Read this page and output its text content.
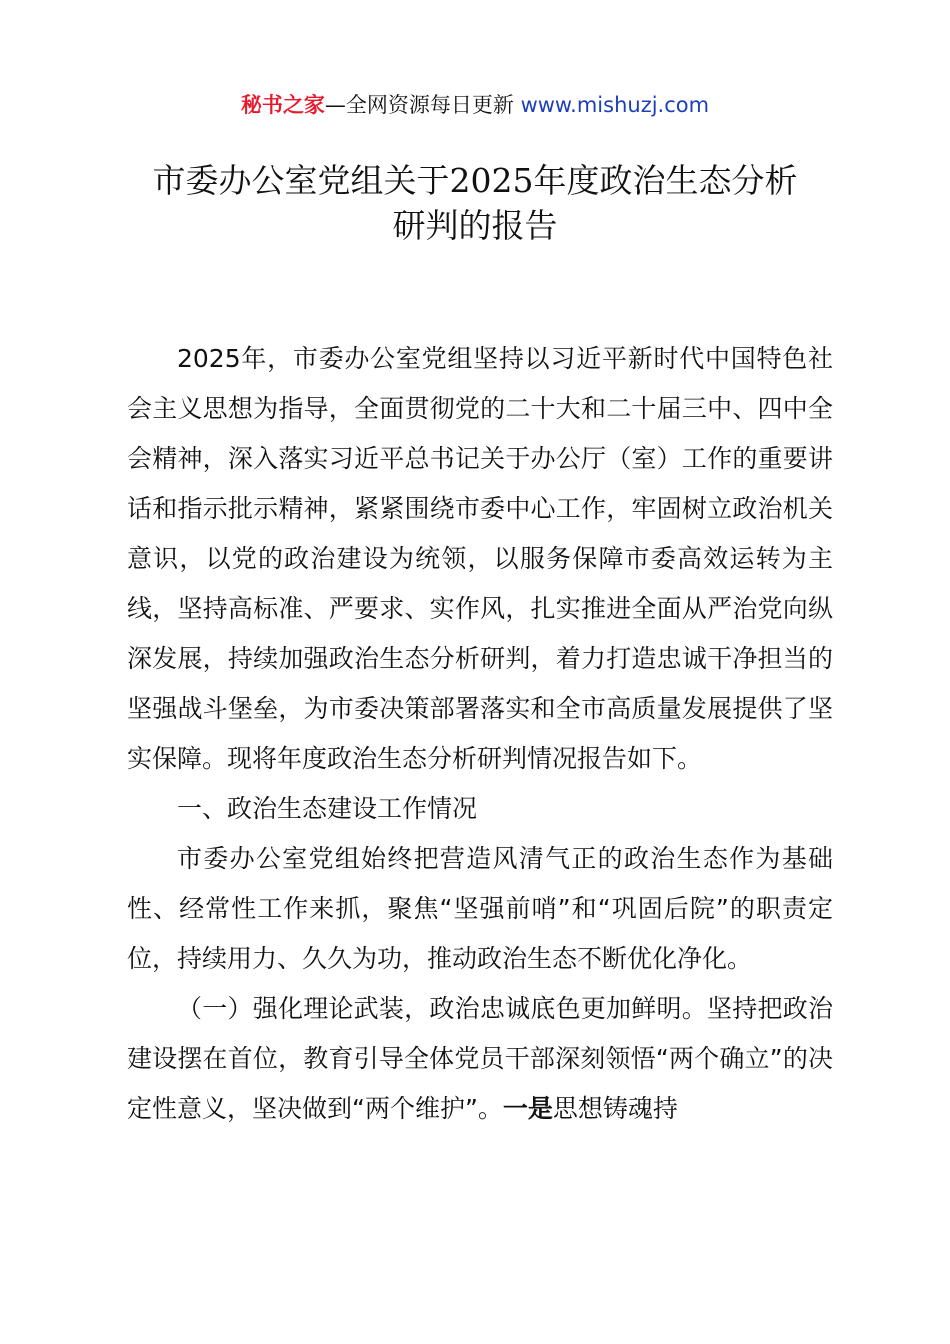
秘书之家—全网资源每日更新 www.mishuzj.com
市委办公室党组关于2025年度政治生态分析
研判的报告

2025年，市委办公室党组坚持以习近平新时代中国特色社会主义思想为指导，全面贯彻党的二十大和二十届三中、四中全会精神，深入落实习近平总书记关于办公厅（室）工作的重要讲话和指示批示精神，紧紧围绕市委中心工作，牢固树立政治机关意识，以党的政治建设为统领，以服务保障市委高效运转为主线，坚持高标准、严要求、实作风，扎实推进全面从严治党向纵深发展，持续加强政治生态分析研判，着力打造忠诚干净担当的坚强战斗堡垒，为市委决策部署落实和全市高质量发展提供了坚实保障。现将年度政治生态分析研判情况报告如下。

一、政治生态建设工作情况

市委办公室党组始终把营造风清气正的政治生态作为基础性、经常性工作来抓，聚焦“坚强前哨”和“巩固后院”的职责定位，持续用力、久久为功，推动政治生态不断优化净化。

（一）强化理论武装，政治忠诚底色更加鲜明。坚持把政治建设摆在首位，教育引导全体党员干部深刻领悟“两个确立”的决定性意义，坚决做到“两个维护”。一是思想铸魂持
